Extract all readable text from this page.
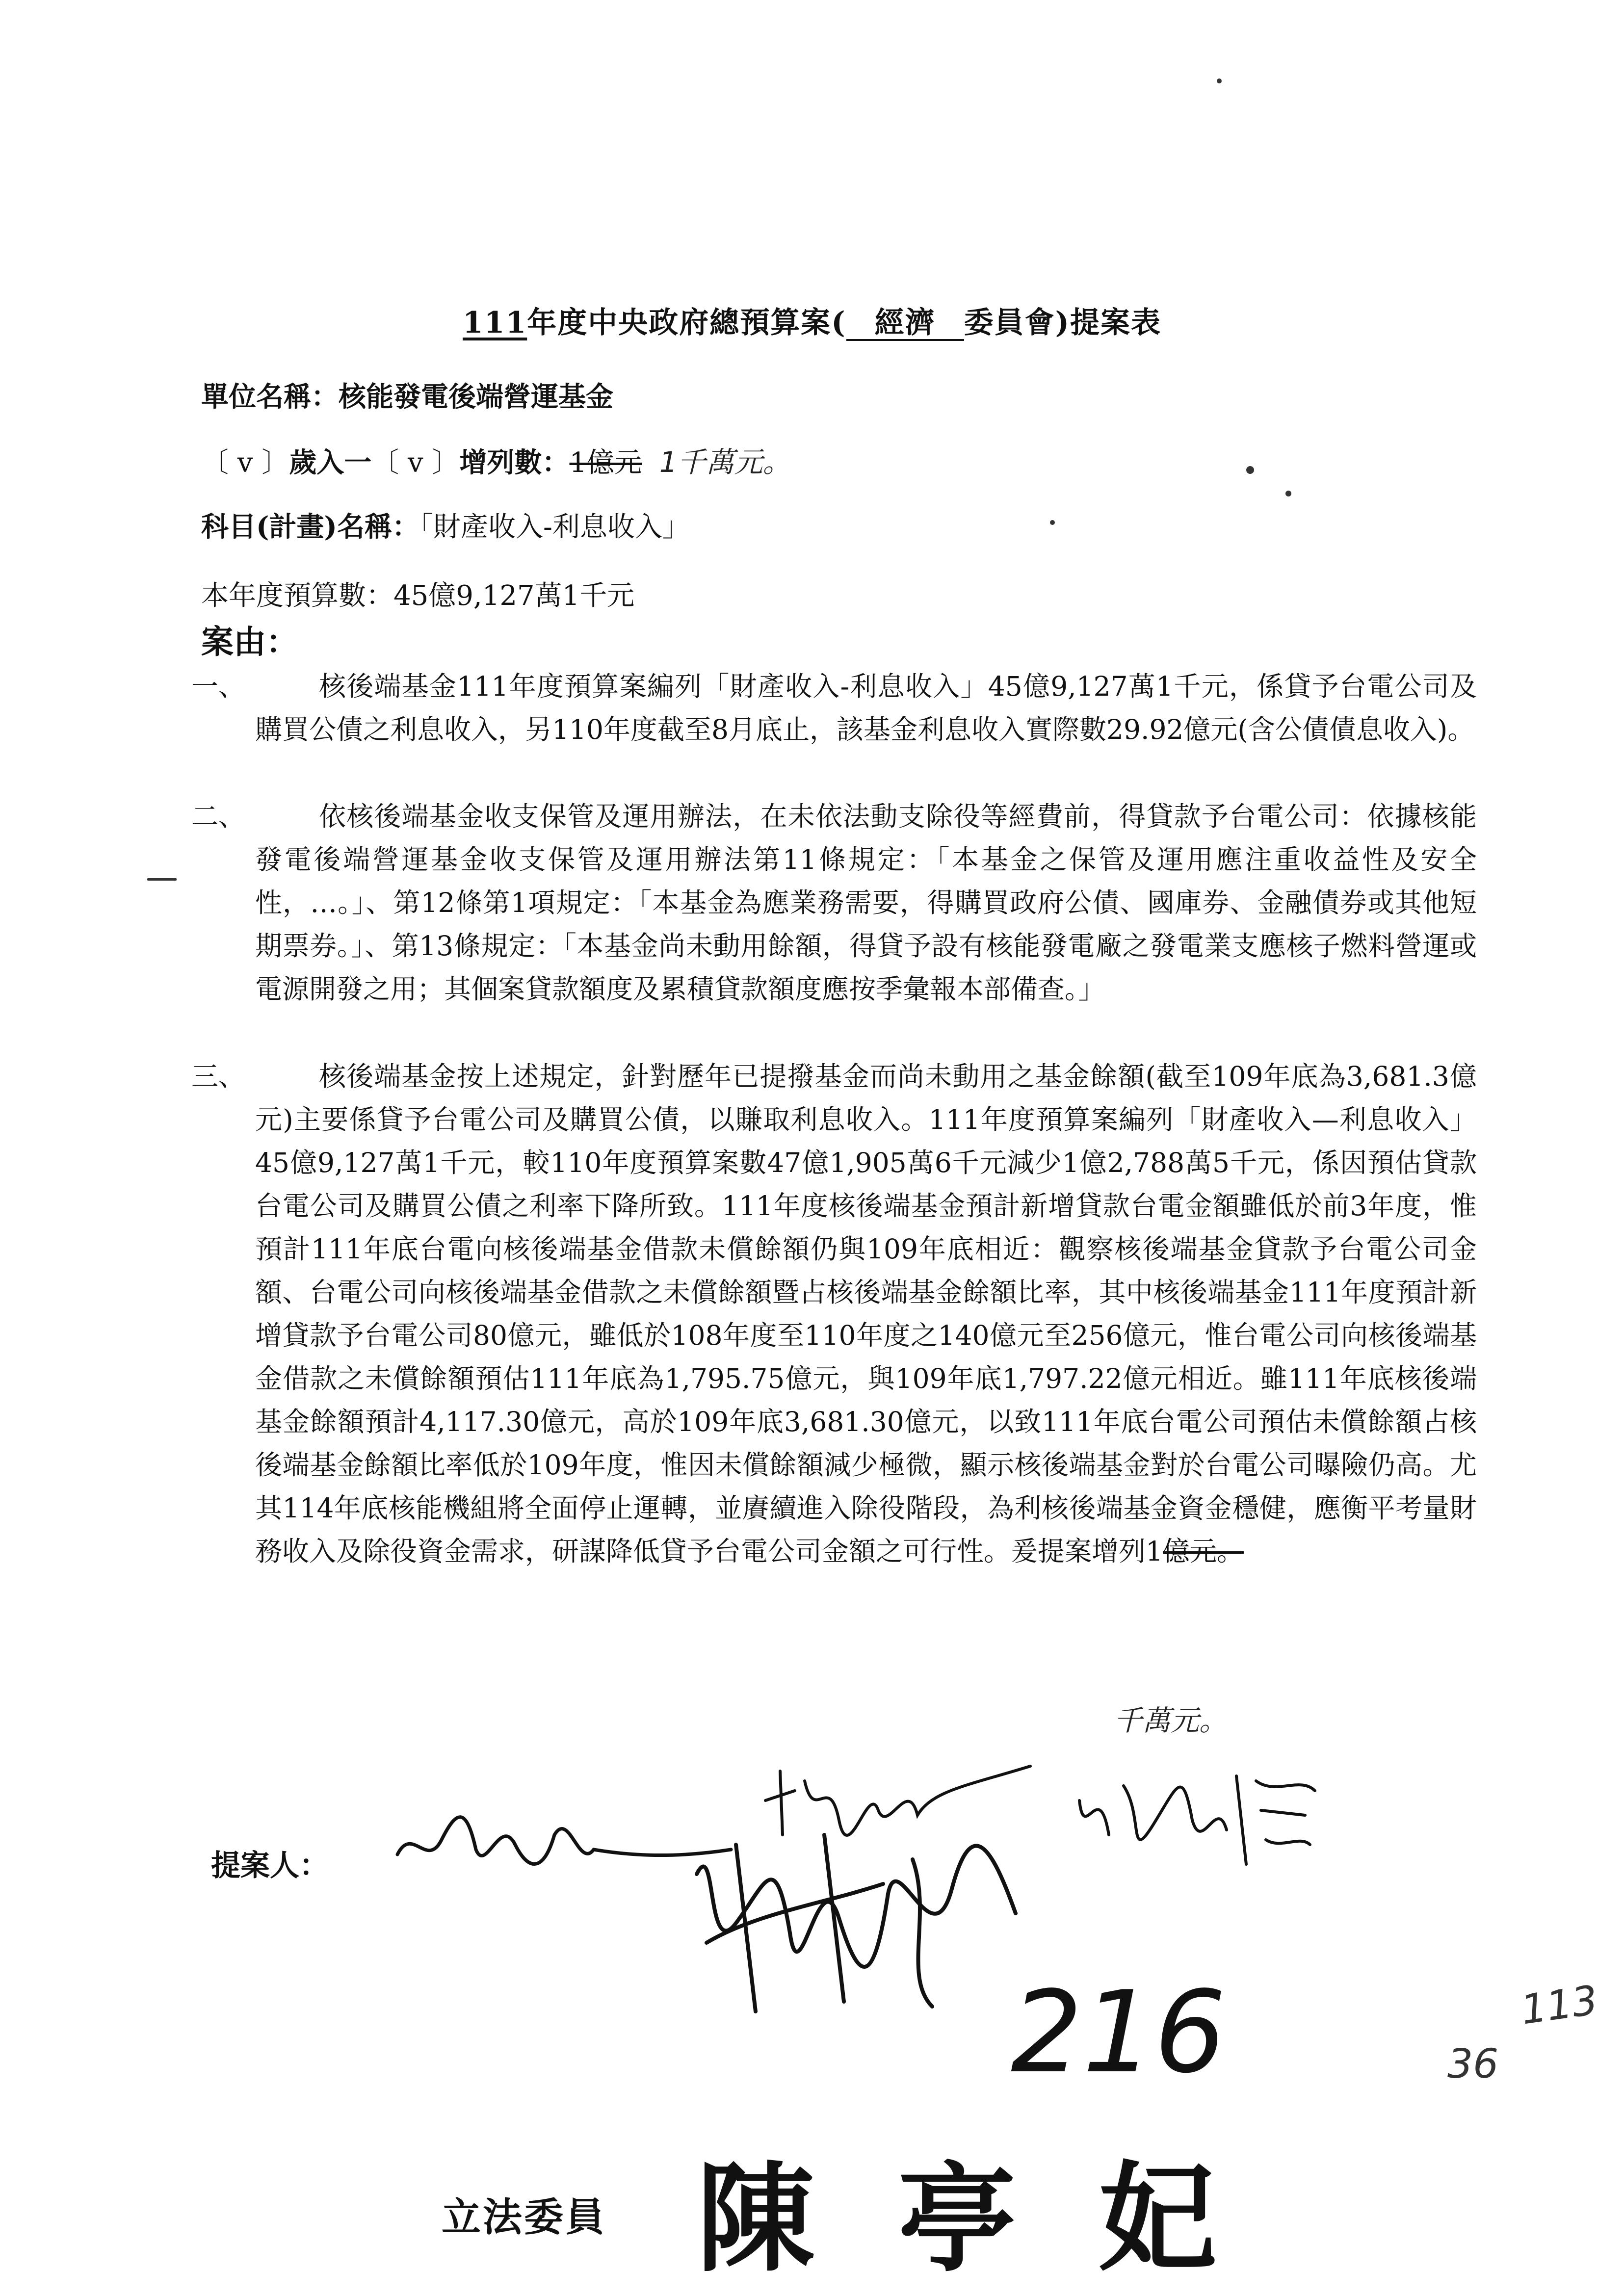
111年度中央政府總預算案( 經濟 委員會)提案表
單位名稱：核能發電後端營運基金
〔 v 〕歲入一〔 v 〕增列數：1億元 1千萬元。
科目(計畫)名稱：「財產收入-利息收入」
本年度預算數：45億9,127萬1千元
案由：
一、	核後端基金111年度預算案編列「財產收入-利息收入」45億9,127萬1千元，係貸予台電公司及購買公債之利息收入，另110年度截至8月底止，該基金利息收入實際數29.92億元(含公債債息收入)。
二、	依核後端基金收支保管及運用辦法，在未依法動支除役等經費前，得貸款予台電公司：依據核能發電後端營運基金收支保管及運用辦法第11條規定：「本基金之保管及運用應注重收益性及安全性，…。」、第12條第1項規定：「本基金為應業務需要，得購買政府公債、國庫券、金融債券或其他短期票券。」、第13條規定：「本基金尚未動用餘額，得貸予設有核能發電廠之發電業支應核子燃料營運或電源開發之用；其個案貸款額度及累積貸款額度應按季彙報本部備查。」
三、	核後端基金按上述規定，針對歷年已提撥基金而尚未動用之基金餘額(截至109年底為3,681.3億元)主要係貸予台電公司及購買公債，以賺取利息收入。111年度預算案編列「財產收入—利息收入」45億9,127萬1千元，較110年度預算案數47億1,905萬6千元減少1億2,788萬5千元，係因預估貸款台電公司及購買公債之利率下降所致。111年度核後端基金預計新增貸款台電金額雖低於前3年度，惟預計111年底台電向核後端基金借款未償餘額仍與109年底相近：觀察核後端基金貸款予台電公司金額、台電公司向核後端基金借款之未償餘額暨占核後端基金餘額比率，其中核後端基金111年度預計新增貸款予台電公司80億元，雖低於108年度至110年度之140億元至256億元，惟台電公司向核後端基金借款之未償餘額預估111年底為1,795.75億元，與109年底1,797.22億元相近。雖111年底核後端基金餘額預計4,117.30億元，高於109年底3,681.30億元，以致111年底台電公司預估未償餘額占核後端基金餘額比率低於109年度，惟因未償餘額減少極微，顯示核後端基金對於台電公司曝險仍高。尤其114年底核能機組將全面停止運轉，並賡續進入除役階段，為利核後端基金資金穩健，應衡平考量財務收入及除役資金需求，研謀降低貸予台電公司金額之可行性。爰提案增列1億元。
千萬元。
提案人：
216	113
36
立法委員 陳亭妃
